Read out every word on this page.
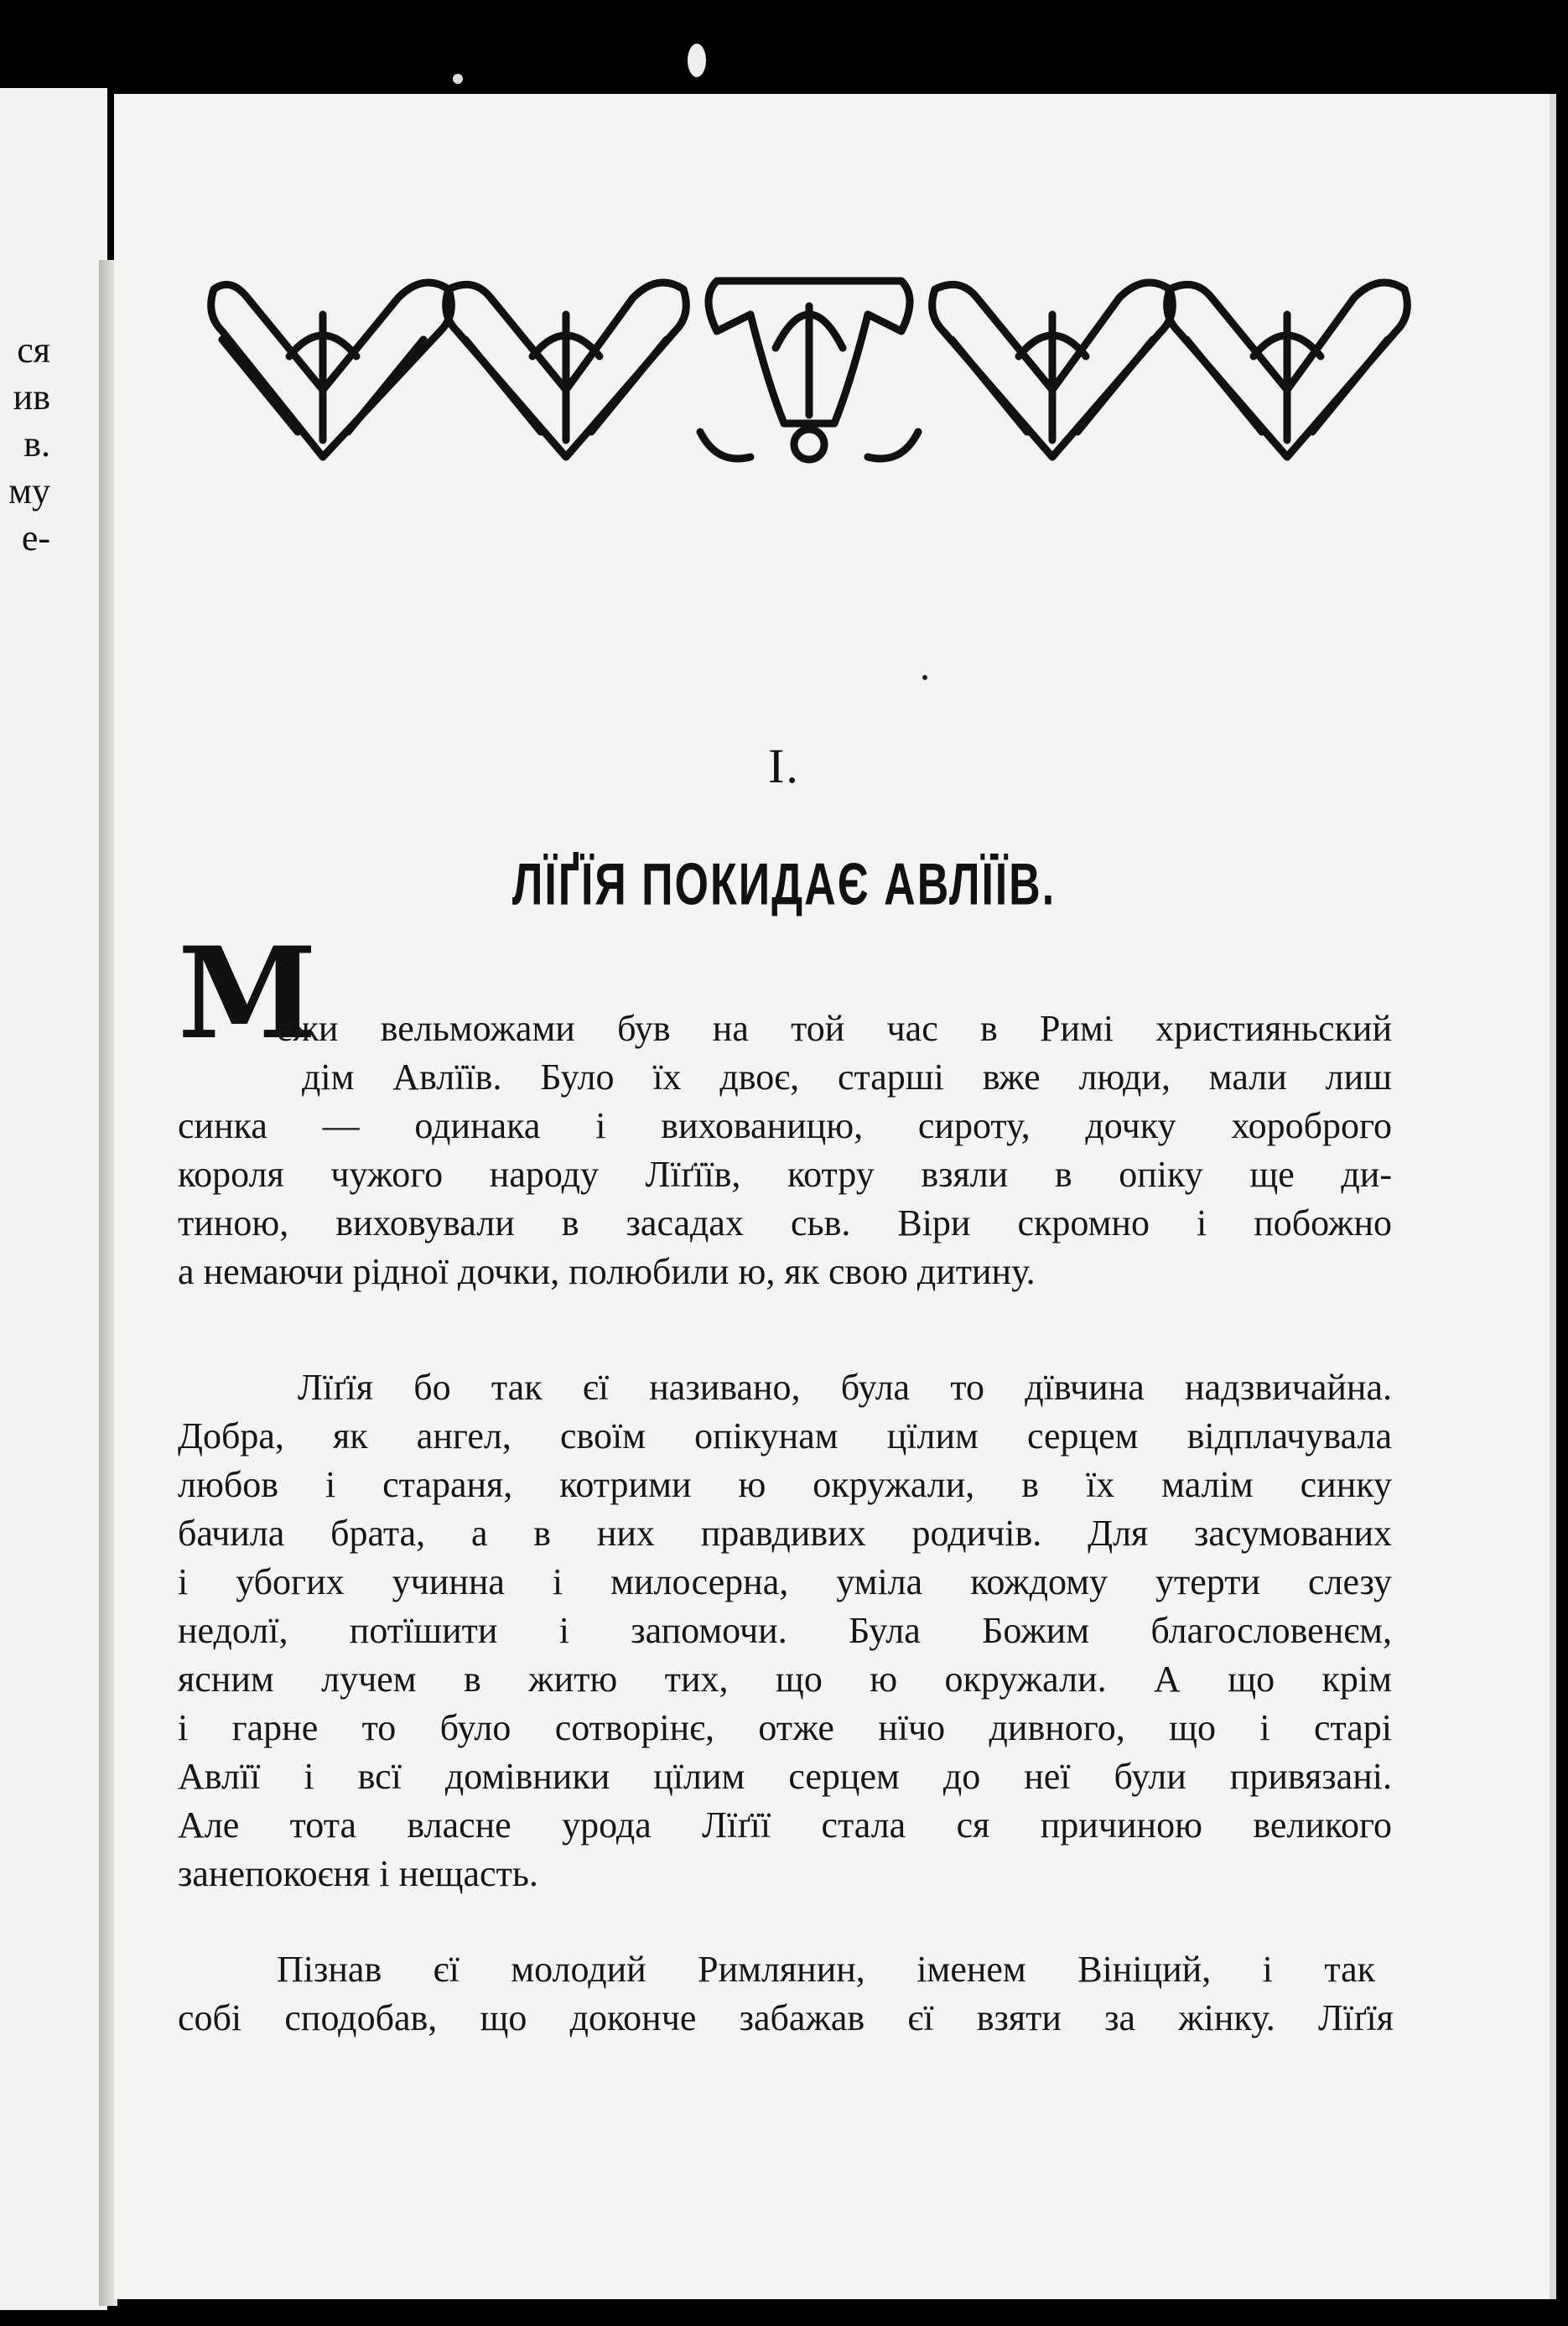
ся
ив
в.
му
е-
I.
ЛЇҐЇЯ ПОКИДАЄ АВЛЇЇВ.
M
ежи вельможами був на той час в Римі християньский
дім Авлїїв. Було їх двоє, старші вже люди, мали лиш
синка — одинака і вихованицю, сироту, дочку хороброго
короля чужого народу Лїґїїв, котру взяли в опіку ще ди-
тиною, виховували в засадах сьв. Віри скромно і побожно
а немаючи рідної дочки, полюбили ю, як свою дитину.
Лїґїя бо так єї називано, була то дївчина надзвичайна.
Добра, як ангел, своїм опікунам цїлим серцем відплачувала
любов і стараня, котрими ю окружали, в їх малім синку
бачила брата, а в них правдивих родичів. Для засумованих
і убогих учинна і милосерна, уміла кождому утерти слезу
недолї, потїшити і запомочи. Була Божим благословенєм,
ясним лучем в житю тих, що ю окружали. А що крім
і гарне то було сотворінє, отже нїчо дивного, що і старі
Авлїї і всї домівники цїлим серцем до неї були привязані.
Але тота власне урода Лїґїї стала ся причиною великого
занепокоєня і нещасть.
Пізнав єї молодий Римлянин, іменем Вініций, і так
собі сподобав, що доконче забажав єї взяти за жінку. Лїґїя
